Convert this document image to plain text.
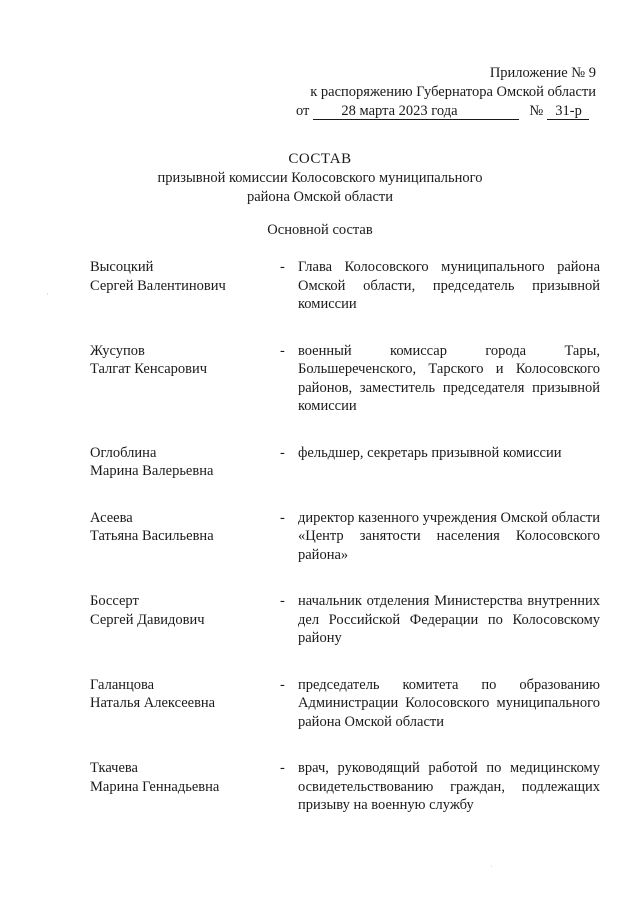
Приложение № 9
к распоряжению Губернатора Омской области
от	28 марта 2023 года	№ 31-р
СОСТАВ
призывной комиссии Колосовского муниципального
района Омской области
Основной состав
Высоцкий
Сергей Валентинович
- Глава Колосовского муниципального района Омской области, председатель призывной комиссии
Жусупов
Талгат Кенсарович
- военный комиссар города Тары, Большереченского, Тарского и Колосовского районов, заместитель председателя призывной комиссии
Оглоблина
Марина Валерьевна
- фельдшер, секретарь призывной комиссии
Асеева
Татьяна Васильевна
- директор казенного учреждения Омской области «Центр занятости населения Колосовского района»
Боссерт
Сергей Давидович
- начальник отделения Министерства внутренних дел Российской Федерации по Колосовскому району
Галанцова
Наталья Алексеевна
- председатель комитета по образованию Администрации Колосовского муниципального района Омской области
Ткачева
Марина Геннадьевна
- врач, руководящий работой по медицинскому освидетельствованию граждан, подлежащих призыву на военную службу
·
ˌ
